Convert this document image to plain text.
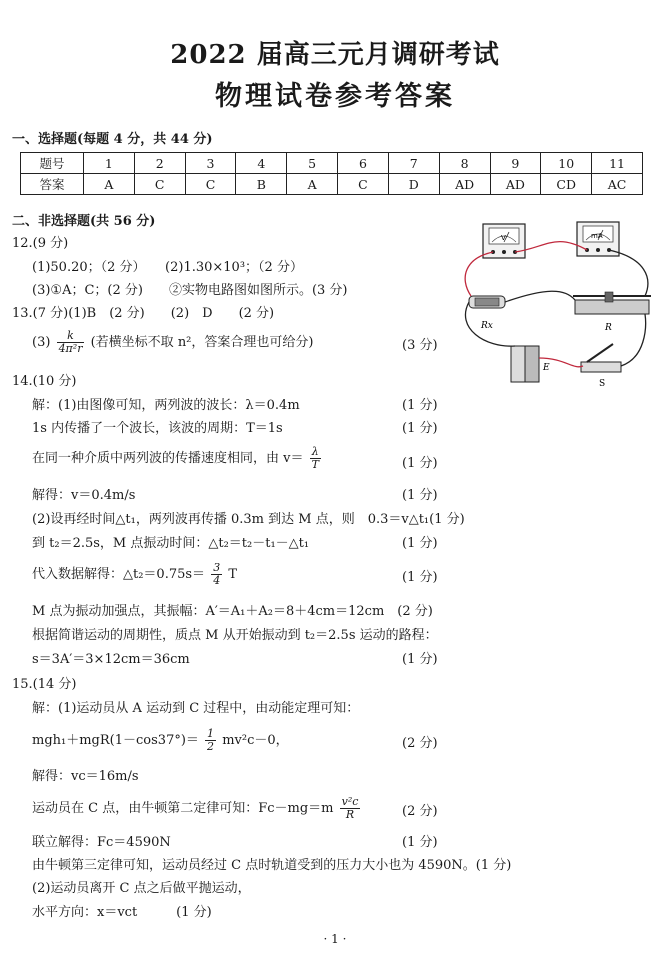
2022 届高三元月调研考试
物理试卷参考答案
一、选择题(每题 4 分，共 44 分)
题号	1	2	3	4	5	6	7	8	9	10	11
答案	A	C	C	B	A	C	D	AD	AD	CD	AC
二、非选择题(共 56 分)
12.(9 分)
(1)50.20；（2 分）　　(2)1.30×10³；（2 分）
(3)①A；C；(2 分)　　②实物电路图如图所示。(3 分)
13.(7 分)(1)B　(2 分)　　(2)　D　　(2 分)
$(3) \frac{k}{\text{4π²r}}$ (若横坐标不取 n²，答案合理也可给分)	(3 分)
14.(10 分)
解：(1)由图像可知，两列波的波长：λ＝0.4m	(1 分)
1s 内传播了一个波长，该波的周期：T＝1s	(1 分)
在同一种介质中两列波的传播速度相同，由 $v= \frac{\lambda}{T}$	(1 分)
解得：v＝0.4m/s	(1 分)
(2)设再经时间△t₁，两列波再传播 0.3m 到达 M 点，则　0.3＝v△t₁(1 分)
到 t₂＝2.5s，M 点振动时间：△t₂＝t₂－t₁－△t₁	(1 分)
代入数据解得：△t₂＝0.75s＝ $\frac{3}{4}$ T	(1 分)
M 点为振动加强点，其振幅：A′＝A₁＋A₂＝8＋4cm＝12cm　(2 分)
根据简谐运动的周期性，质点 M 从开始振动到 t₂＝2.5s 运动的路程：
s＝3A′＝3×12cm＝36cm	(1 分)
15.(14 分)
解：(1)运动员从 A 运动到 C 过程中，由动能定理可知：
$mgh_1+mgR(1-\cos 37^\circ)= \frac{1}{2} mv^2c-0$，	(2 分)
解得：vc＝16m/s
运动员在 C 点，由牛顿第二定律可知：$Fc-mg=m \frac{\text{v²c}}{R}$	(2 分)
联立解得：Fc＝4590N	(1 分)
由牛顿第三定律可知，运动员经过 C 点时轨道受到的压力大小也为 4590N。(1 分)
(2)运动员离开 C 点之后做平抛运动，
水平方向：x＝vct　　　(1 分)
V	mA
Rx	R
E
S
· 1 ·
